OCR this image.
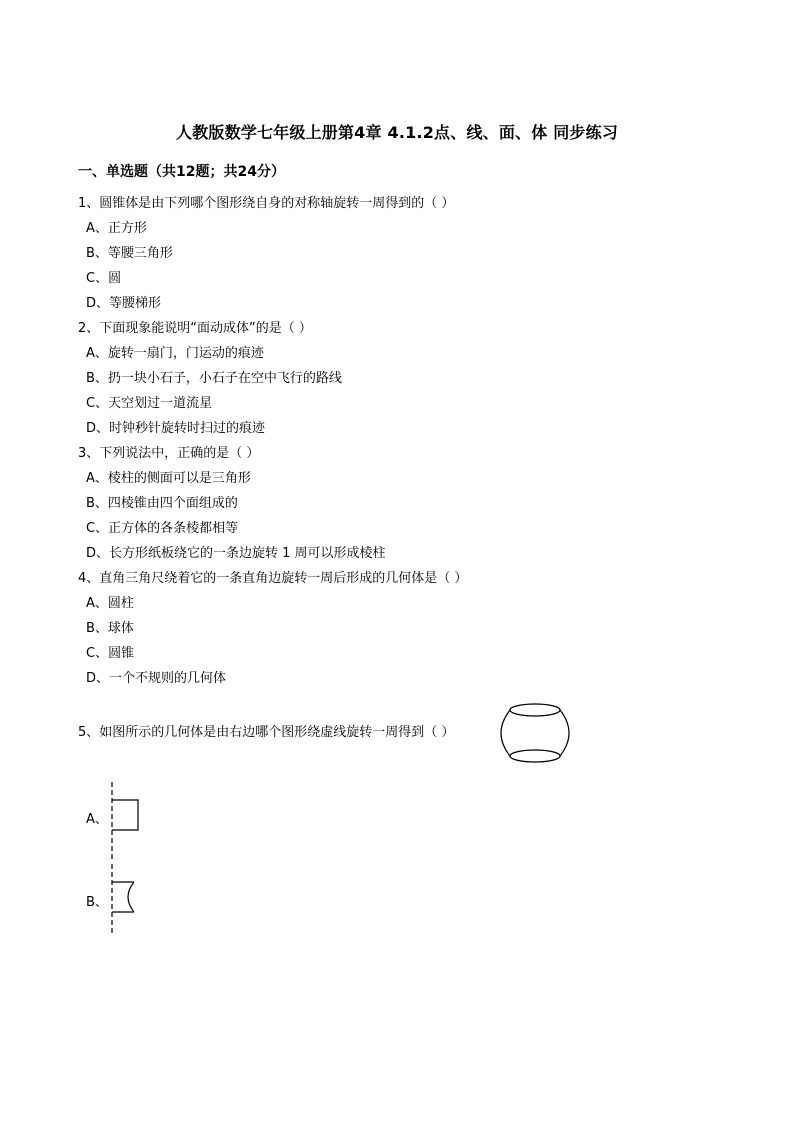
人教版数学七年级上册第4章 4.1.2点、线、面、体 同步练习
一、单选题（共12题；共24分）
1、圆锥体是由下列哪个图形绕自身的对称轴旋转一周得到的（ ）
A、正方形
B、等腰三角形
C、圆
D、等腰梯形
2、下面现象能说明“面动成体”的是（ ）
A、旋转一扇门，门运动的痕迹
B、扔一块小石子，小石子在空中飞行的路线
C、天空划过一道流星
D、时钟秒针旋转时扫过的痕迹
3、下列说法中，正确的是（ ）
A、棱柱的侧面可以是三角形
B、四棱锥由四个面组成的
C、正方体的各条棱都相等
D、长方形纸板绕它的一条边旋转 1 周可以形成棱柱
4、直角三角尺绕着它的一条直角边旋转一周后形成的几何体是（ ）
A、圆柱
B、球体
C、圆锥
D、一个不规则的几何体
5、如图所示的几何体是由右边哪个图形绕虚线旋转一周得到（ ）
A、
B、
